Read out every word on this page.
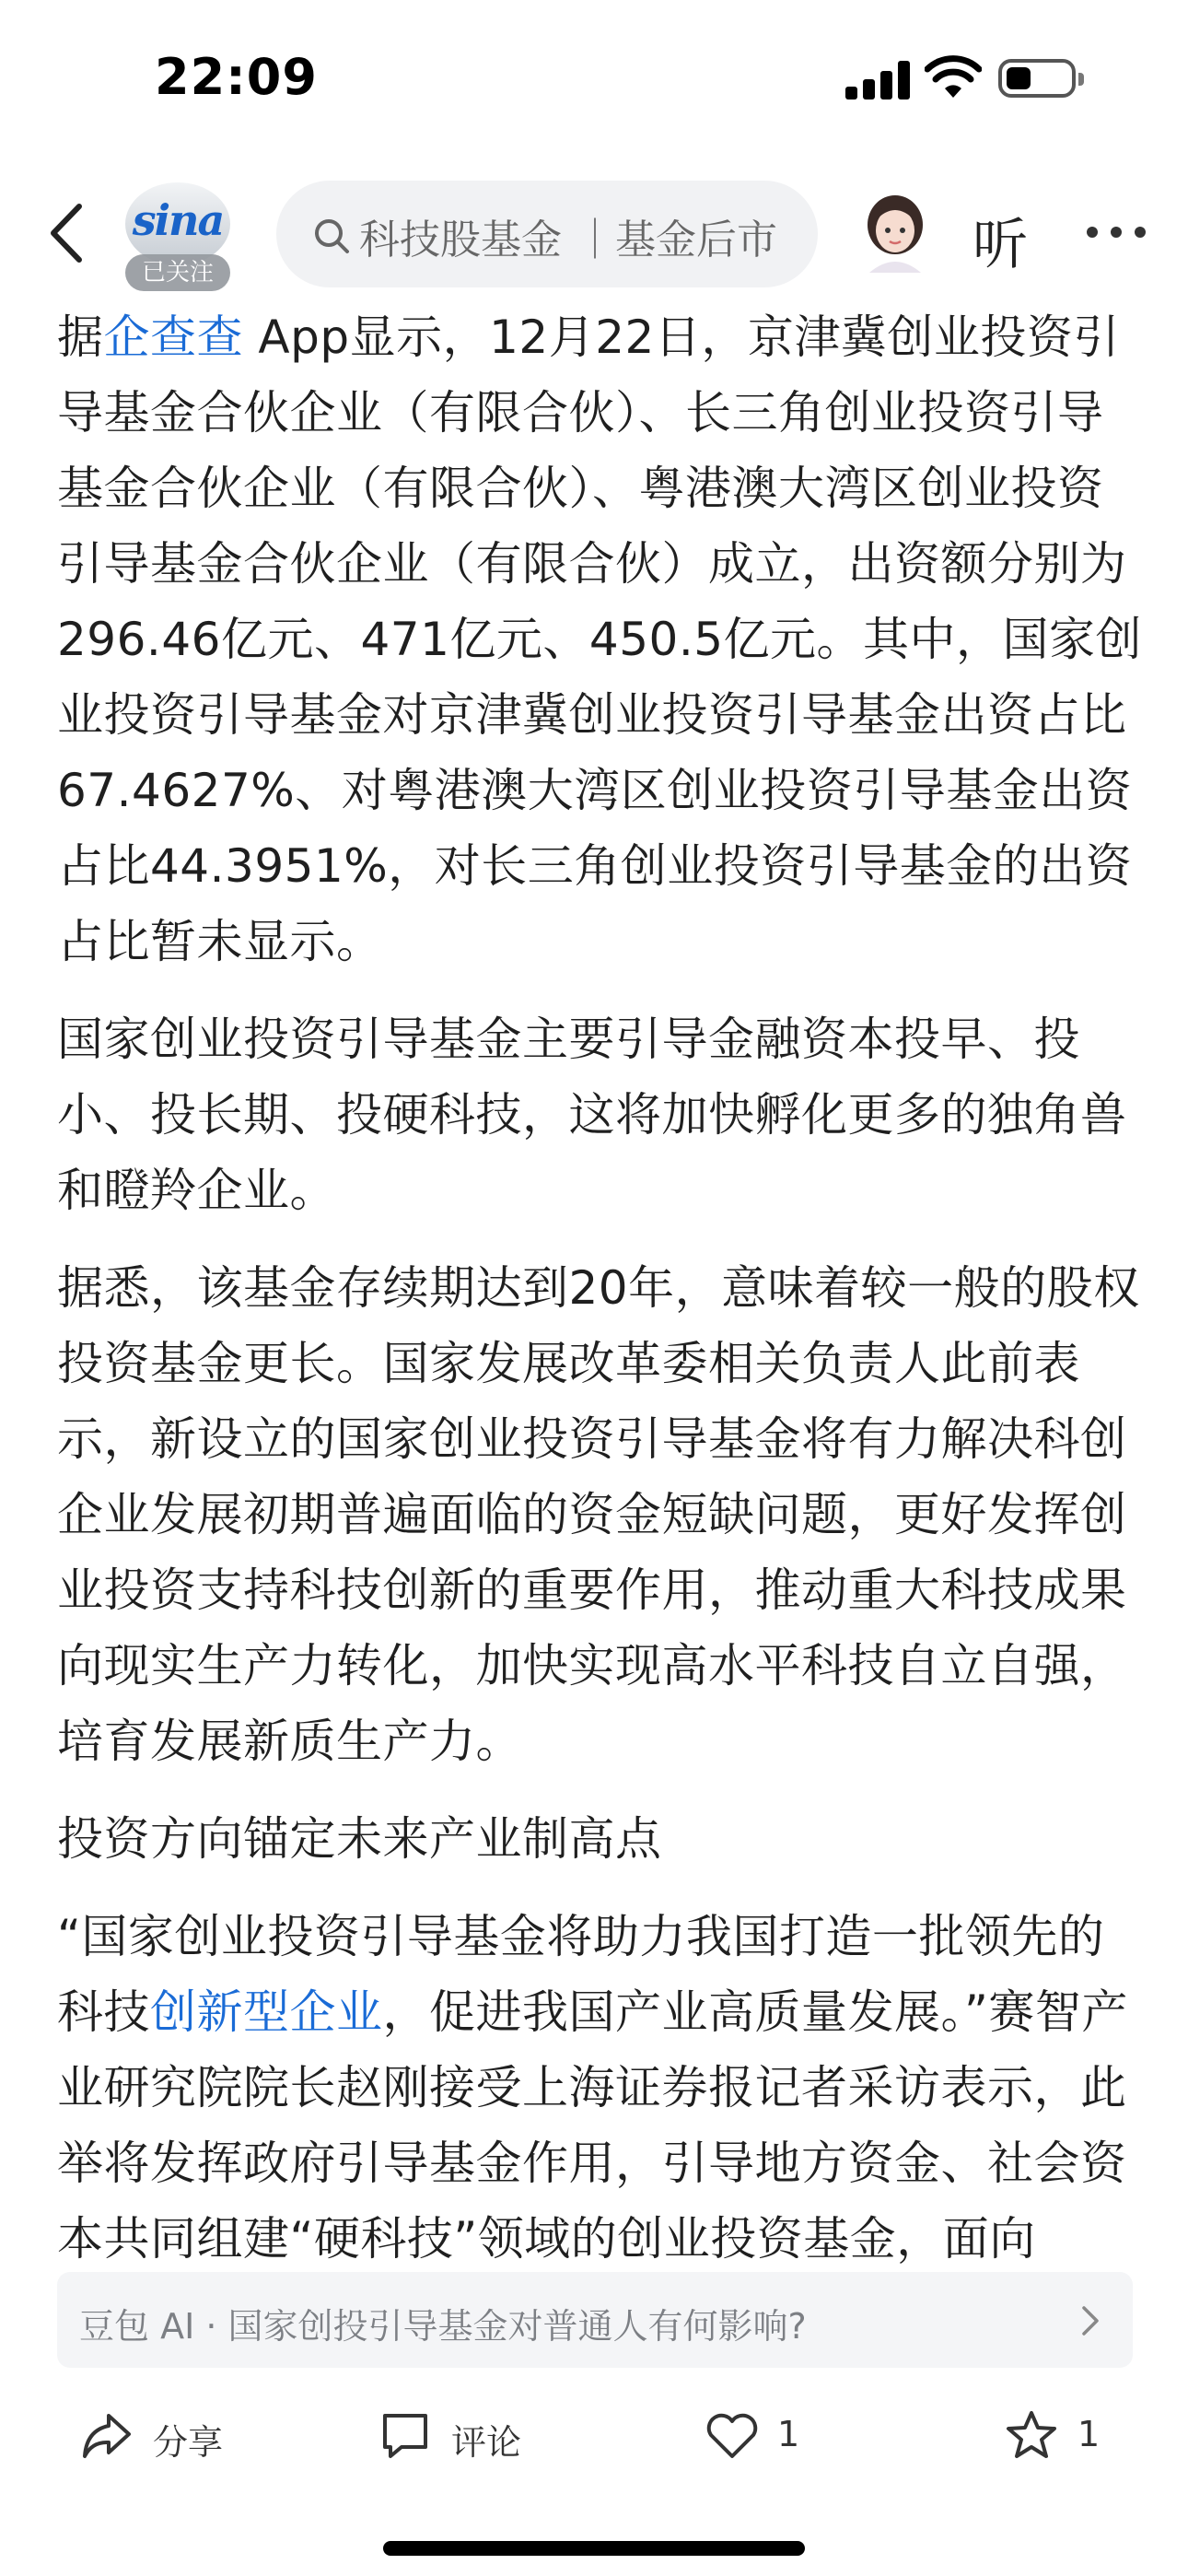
22:09
sina
已关注
科技股基金 ｜基金后市	听

据企查查 App显示，12月22日，京津冀创业投资引导基金合伙企业（有限合伙）、长三角创业投资引导基金合伙企业（有限合伙）、粤港澳大湾区创业投资引导基金合伙企业（有限合伙）成立，出资额分别为296.46亿元、471亿元、450.5亿元。其中，国家创业投资引导基金对京津冀创业投资引导基金出资占比67.4627%、对粤港澳大湾区创业投资引导基金出资占比44.3951%，对长三角创业投资引导基金的出资占比暂未显示。

国家创业投资引导基金主要引导金融资本投早、投小、投长期、投硬科技，这将加快孵化更多的独角兽和瞪羚企业。

据悉，该基金存续期达到20年，意味着较一般的股权投资基金更长。国家发展改革委相关负责人此前表示，新设立的国家创业投资引导基金将有力解决科创企业发展初期普遍面临的资金短缺问题，更好发挥创业投资支持科技创新的重要作用，推动重大科技成果向现实生产力转化，加快实现高水平科技自立自强，培育发展新质生产力。

投资方向锚定未来产业制高点

“国家创业投资引导基金将助力我国打造一批领先的科技创新型企业，促进我国产业高质量发展。”赛智产业研究院院长赵刚接受上海证券报记者采访表示，此举将发挥政府引导基金作用，引导地方资金、社会资本共同组建“硬科技”领域的创业投资基金，面向

豆包 AI · 国家创投引导基金对普通人有何影响?
分享	评论	1	1
